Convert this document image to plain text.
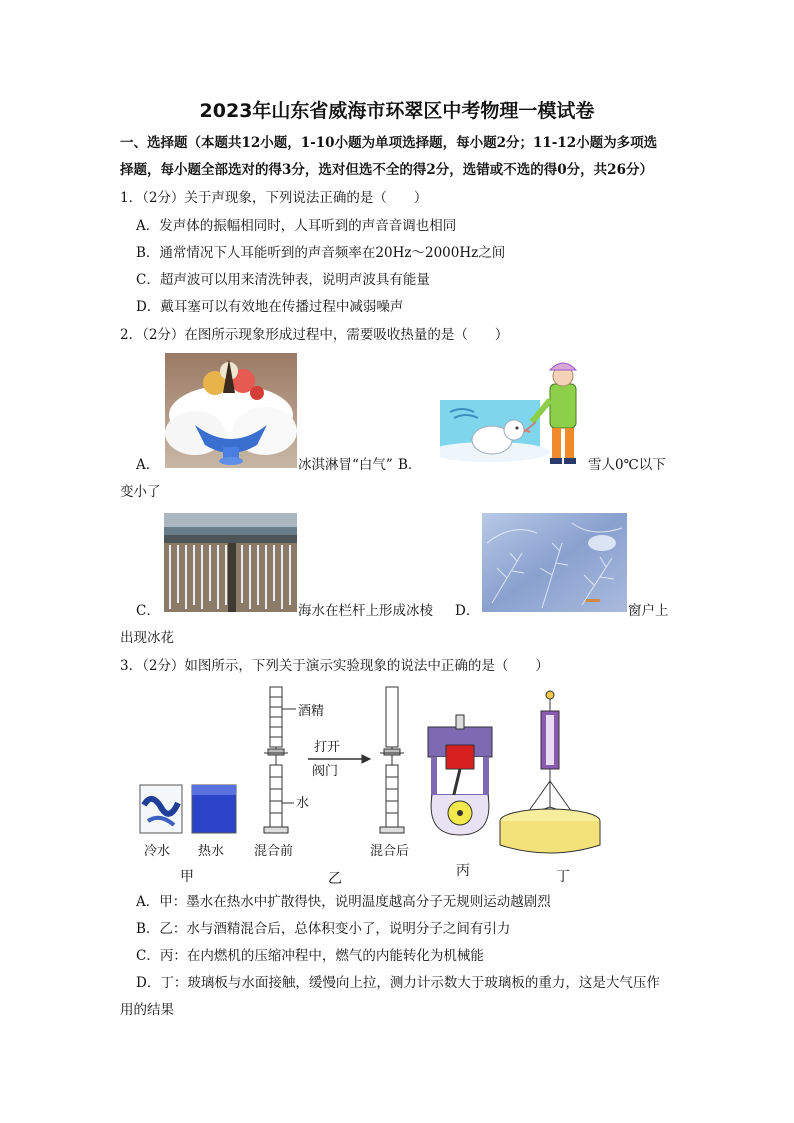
2023年山东省威海市环翠区中考物理一模试卷
一、选择题（本题共12小题，1-10小题为单项选择题，每小题2分；11-12小题为多项选
择题，每小题全部选对的得3分，选对但选不全的得2分，选错或不选的得0分，共26分）
1．（2分）关于声现象，下列说法正确的是（　　）
A．发声体的振幅相同时，人耳听到的声音音调也相同
B．通常情况下人耳能听到的声音频率在20Hz～2000Hz之间
C．超声波可以用来清洗钟表，说明声波具有能量
D．戴耳塞可以有效地在传播过程中减弱噪声
2．（2分）在图所示现象形成过程中，需要吸收热量的是（　　）
A．	冰淇淋冒“白气” B．	雪人0℃以下
变小了
C．	海水在栏杆上形成冰棱 D．	窗户上
出现冰花
3．（2分）如图所示，下列关于演示实验现象的说法中正确的是（　　）
酒精
水
打开
阀门
冷水 热水 混合前	混合后
甲	乙	丙	丁
A．甲：墨水在热水中扩散得快，说明温度越高分子无规则运动越剧烈
B．乙：水与酒精混合后，总体积变小了，说明分子之间有引力
C．丙：在内燃机的压缩冲程中，燃气的内能转化为机械能
D．丁：玻璃板与水面接触，缓慢向上拉，测力计示数大于玻璃板的重力，这是大气压作
用的结果
